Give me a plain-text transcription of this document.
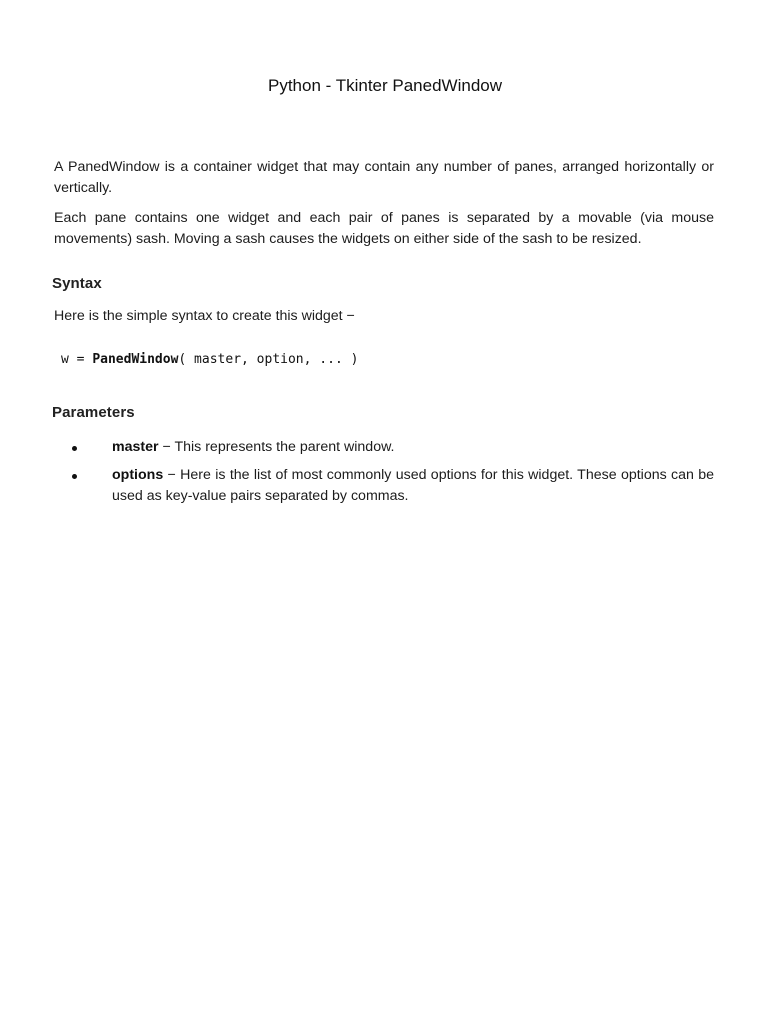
Python - Tkinter PanedWindow
A PanedWindow is a container widget that may contain any number of panes, arranged horizontally or vertically.
Each pane contains one widget and each pair of panes is separated by a movable (via mouse movements) sash. Moving a sash causes the widgets on either side of the sash to be resized.
Syntax
Here is the simple syntax to create this widget −
w = PanedWindow( master, option, ... )
Parameters
master − This represents the parent window.
options − Here is the list of most commonly used options for this widget. These options can be used as key-value pairs separated by commas.
